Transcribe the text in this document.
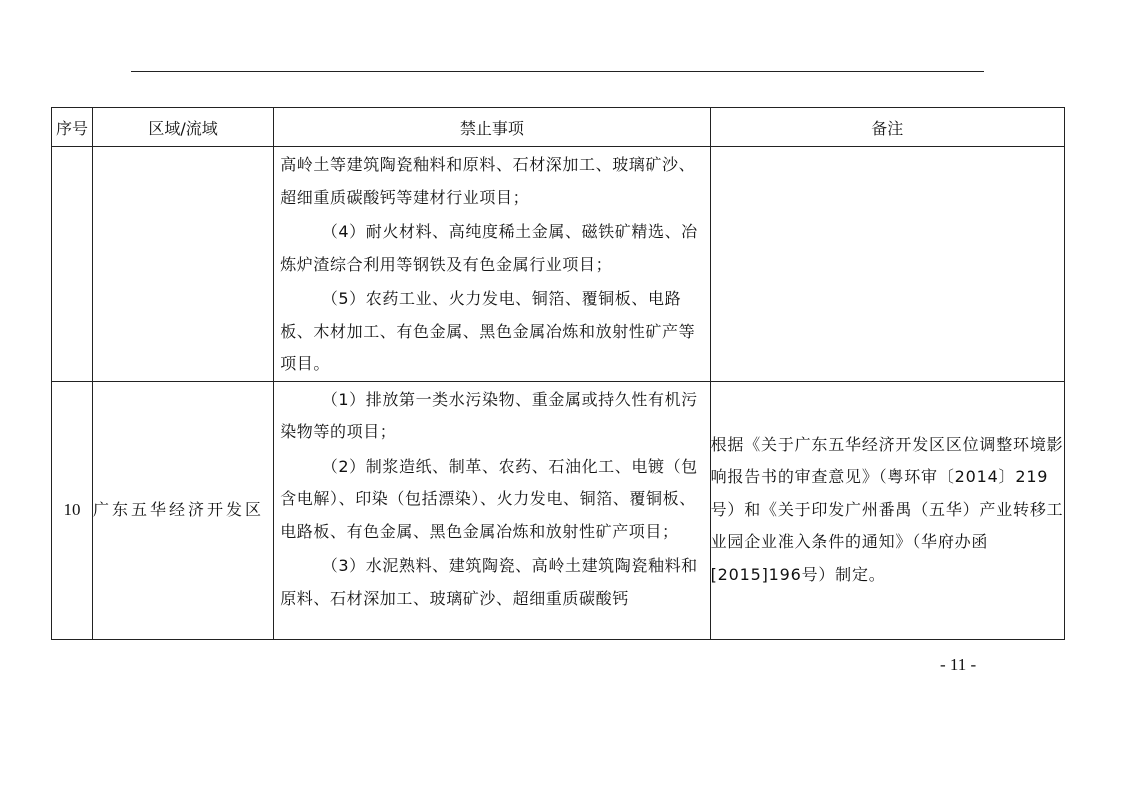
序号	区域/流域	禁止事项	备注

		高岭土等建筑陶瓷釉料和原料、石材深加工、玻璃矿沙、超细重质碳酸钙等建材行业项目；
（4）耐火材料、高纯度稀土金属、磁铁矿精选、冶炼炉渣综合利用等钢铁及有色金属行业项目；
（5）农药工业、火力发电、铜箔、覆铜板、电路板、木材加工、有色金属、黑色金属冶炼和放射性矿产等项目。	

10	广东五华经济开发区	（1）排放第一类水污染物、重金属或持久性有机污染物等的项目；
（2）制浆造纸、制革、农药、石油化工、电镀（包含电解）、印染（包括漂染）、火力发电、铜箔、覆铜板、电路板、有色金属、黑色金属冶炼和放射性矿产项目；
（3）水泥熟料、建筑陶瓷、高岭土建筑陶瓷釉料和原料、石材深加工、玻璃矿沙、超细重质碳酸钙	根据《关于广东五华经济开发区区位调整环境影响报告书的审查意见》（粤环审〔2014〕219号）和《关于印发广州番禺（五华）产业转移工业园企业准入条件的通知》（华府办函[2015]196号）制定。
- 11 -
